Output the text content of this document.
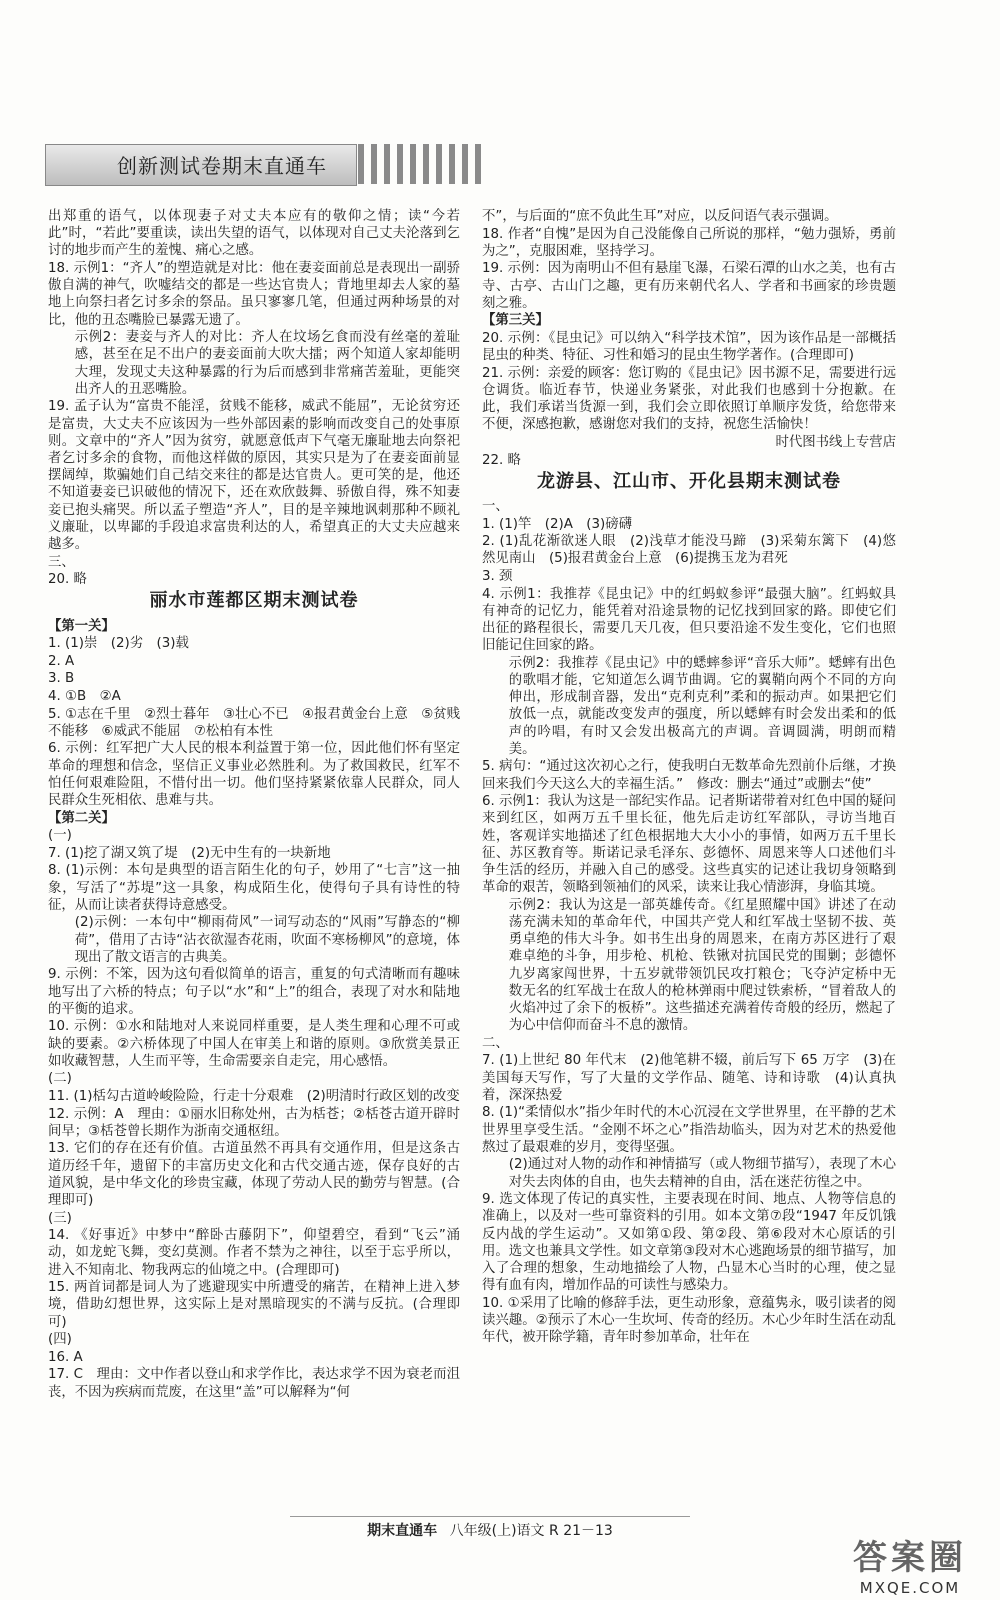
创新测试卷期末直通车

出郑重的语气，以体现妻子对丈夫本应有的敬仰之情；读“今若此”时，“若此”要重读，读出失望的语气，以体现对自己丈夫沦落到乞讨的地步而产生的羞愧、痛心之感。

18. 示例1：“齐人”的塑造就是对比：他在妻妾面前总是表现出一副骄傲自满的神气，吹嘘结交的都是一些达官贵人；背地里却去人家的墓地上向祭扫者乞讨多余的祭品。虽只寥寥几笔，但通过两种场景的对比，他的丑态嘴脸已暴露无遗了。

示例2：妻妾与齐人的对比：齐人在坟场乞食而没有丝毫的羞耻感，甚至在足不出户的妻妾面前大吹大擂；两个知道人家却能明大理，发现丈夫这种暴露的行为后而感到非常痛苦羞耻，更能突出齐人的丑恶嘴脸。

19. 孟子认为“富贵不能淫，贫贱不能移，威武不能屈”，无论贫穷还是富贵，大丈夫不应该因为一些外部因素的影响而改变自己的处事原则。文章中的“齐人”因为贫穷，就愿意低声下气毫无廉耻地去向祭祀者乞讨多余的食物，而他这样做的原因，其实只是为了在妻妾面前显摆阔绰，欺骗她们自己结交来往的都是达官贵人。更可笑的是，他还不知道妻妾已识破他的情况下，还在欢欣鼓舞、骄傲自得，殊不知妻妾已抱头痛哭。所以孟子塑造“齐人”，目的是辛辣地讽刺那种不顾礼义廉耻，以卑鄙的手段追求富贵利达的人，希望真正的大丈夫应越来越多。

三、

20. 略

丽水市莲都区期末测试卷

【第一关】

1. (1)崇　(2)劣　(3)载

2. A

3. B

4. ①B　②A

5. ①志在千里　②烈士暮年　③壮心不已　④报君黄金台上意　⑤贫贱不能移　⑥威武不能屈　⑦松柏有本性

6. 示例：红军把广大人民的根本利益置于第一位，因此他们怀有坚定革命的理想和信念，坚信正义事业必然胜利。为了救国救民，红军不怕任何艰难险阻，不惜付出一切。他们坚持紧紧依靠人民群众，同人民群众生死相依、患难与共。

【第二关】

(一)

7. (1)挖了湖又筑了堤　(2)无中生有的一块新地

8. (1)示例：本句是典型的语言陌生化的句子，妙用了“七言”这一抽象，写活了“苏堤”这一具象，构成陌生化，使得句子具有诗性的特征，从而让读者获得诗意感受。

(2)示例：一本句中“柳雨荷风”一词写动态的“风雨”写静态的“柳荷”，借用了古诗“沾衣欲湿杏花雨，吹面不寒杨柳风”的意境，体现出了散文语言的古典美。

9. 示例：不笨，因为这句看似简单的语言，重复的句式清晰而有趣味地写出了六桥的特点；句子以“水”和“上”的组合，表现了对水和陆地的平衡的追求。

10. 示例：①水和陆地对人来说同样重要，是人类生理和心理不可或缺的要素。②六桥体现了中国人在审美上和谐的原则。③欣赏美景正如收藏智慧，人生而平等，生命需要亲自走完，用心感悟。

(二)

11. (1)栝勾古道岭峻险险，行走十分艰难　(2)明清时行政区划的改变

12. 示例：A　理由：①丽水旧称处州，古为栝苍；②栝苍古道开辟时间早；③栝苍曾长期作为浙南交通枢纽。

13. 它们的存在还有价值。古道虽然不再具有交通作用，但是这条古道历经千年，遗留下的丰富历史文化和古代交通古迹，保存良好的古道风貌，是中华文化的珍贵宝藏，体现了劳动人民的勤劳与智慧。(合理即可)

(三)

14. 《好事近》中梦中“醉卧古藤阴下”，仰望碧空，看到“飞云”涌动，如龙蛇飞舞，变幻莫测。作者不禁为之神往，以至于忘乎所以，进入不知南北、物我两忘的仙境之中。(合理即可)

15. 两首词都是词人为了逃避现实中所遭受的痛苦，在精神上进入梦境，借助幻想世界，这实际上是对黑暗现实的不满与反抗。(合理即可)

(四)

16. A

17. C　理由：文中作者以登山和求学作比，表达求学不因为衰老而沮丧，不因为疾病而荒废，在这里“盖”可以解释为“何

不”，与后面的“庶不负此生耳”对应，以反问语气表示强调。

18. 作者“自愧”是因为自己没能像自己所说的那样，“勉力强矫，勇前为之”，克服困难，坚持学习。

19. 示例：因为南明山不但有悬崖飞瀑，石梁石潭的山水之美，也有古寺、古亭、古山门之趣，更有历来朝代名人、学者和书画家的珍贵题刻之雅。

【第三关】

20. 示例：《昆虫记》可以纳入“科学技术馆”，因为该作品是一部概括昆虫的种类、特征、习性和婚习的昆虫生物学著作。(合理即可)

21. 示例：亲爱的顾客：您订购的《昆虫记》因书源不足，需要进行远仓调货。临近春节，快递业务紧张，对此我们也感到十分抱歉。在此，我们承诺当货源一到，我们会立即依照订单顺序发货，给您带来不便，深感抱歉，感谢您对我们的支持，祝您生活愉快！

时代图书线上专营店

22. 略

龙游县、江山市、开化县期末测试卷

一、

1. (1)竿　(2)A　(3)磅礴

2. (1)乱花渐欲迷人眼　(2)浅草才能没马蹄　(3)采菊东篱下　(4)悠然见南山　(5)报君黄金台上意　(6)提携玉龙为君死

3. 颈

4. 示例1：我推荐《昆虫记》中的红蚂蚁参评“最强大脑”。红蚂蚁具有神奇的记忆力，能凭着对沿途景物的记忆找到回家的路。即使它们出征的路程很长，需要几天几夜，但只要沿途不发生变化，它们也照旧能记住回家的路。

示例2：我推荐《昆虫记》中的蟋蟀参评“音乐大师”。蟋蟀有出色的歌唱才能，它知道怎么调节曲调。它的翼鞘向两个不同的方向伸出，形成制音器，发出“克利克利”柔和的振动声。如果把它们放低一点，就能改变发声的强度，所以蟋蟀有时会发出柔和的低声的吟唱，有时又会发出极高亢的声调。音调圆满，明朗而精美。

5. 病句：“通过这次初心之行，使我明白无数革命先烈前仆后继，才换回来我们今天这么大的幸福生活。”　修改：删去“通过”或删去“使”

6. 示例1：我认为这是一部纪实作品。记者斯诺带着对红色中国的疑问来到红区，如两万五千里长征，他先后走访红军部队，寻访当地百姓，客观详实地描述了红色根据地大大小小的事情，如两万五千里长征、苏区教育等。斯诺记录毛泽东、彭德怀、周恩来等人口述他们斗争生活的经历，并融入自己的感受。这些真实的记述让我切身领略到革命的艰苦，领略到领袖们的风采，读来让我心情澎湃，身临其境。

示例2：我认为这是一部英雄传奇。《红星照耀中国》讲述了在动荡充满未知的革命年代，中国共产党人和红军战士坚韧不拔、英勇卓绝的伟大斗争。如书生出身的周恩来，在南方苏区进行了艰难卓绝的斗争，用步枪、机枪、铁锹对抗国民党的围剿；彭德怀九岁离家闯世界，十五岁就带领饥民攻打粮仓；飞夺泸定桥中无数无名的红军战士在敌人的枪林弹雨中爬过铁索桥，“冒着敌人的火焰冲过了余下的板桥”。这些描述充满着传奇般的经历，燃起了为心中信仰而奋斗不息的激情。

二、

7. (1)上世纪 80 年代末　(2)他笔耕不辍，前后写下 65 万字　(3)在美国每天写作，写了大量的文学作品、随笔、诗和诗歌　(4)认真执着，深深热爱

8. (1)“柔情似水”指少年时代的木心沉浸在文学世界里，在平静的艺术世界里享受生活。“金刚不坏之心”指浩劫临头，因为对艺术的热爱他熬过了最艰难的岁月，变得坚强。

(2)通过对人物的动作和神情描写（或人物细节描写），表现了木心对失去肉体的自由，也失去精神的自由，活在迷茫彷徨之中。

9. 选文体现了传记的真实性，主要表现在时间、地点、人物等信息的准确上，以及对一些可靠资料的引用。如本文第⑦段“1947 年反饥饿反内战的学生运动”。又如第①段、第②段、第⑥段对木心原话的引用。选文也兼具文学性。如文章第③段对木心逃跑场景的细节描写，加入了合理的想象，生动地描绘了人物，凸显木心当时的心理，使之显得有血有肉，增加作品的可读性与感染力。

10. ①采用了比喻的修辞手法，更生动形象，意蕴隽永，吸引读者的阅读兴趣。②预示了木心一生坎坷、传奇的经历。木心少年时生活在动乱年代，被开除学籍，青年时参加革命，壮年在

期末直通车 八年级(上)语文 R 21－13
答案圈
MXQE.COM
